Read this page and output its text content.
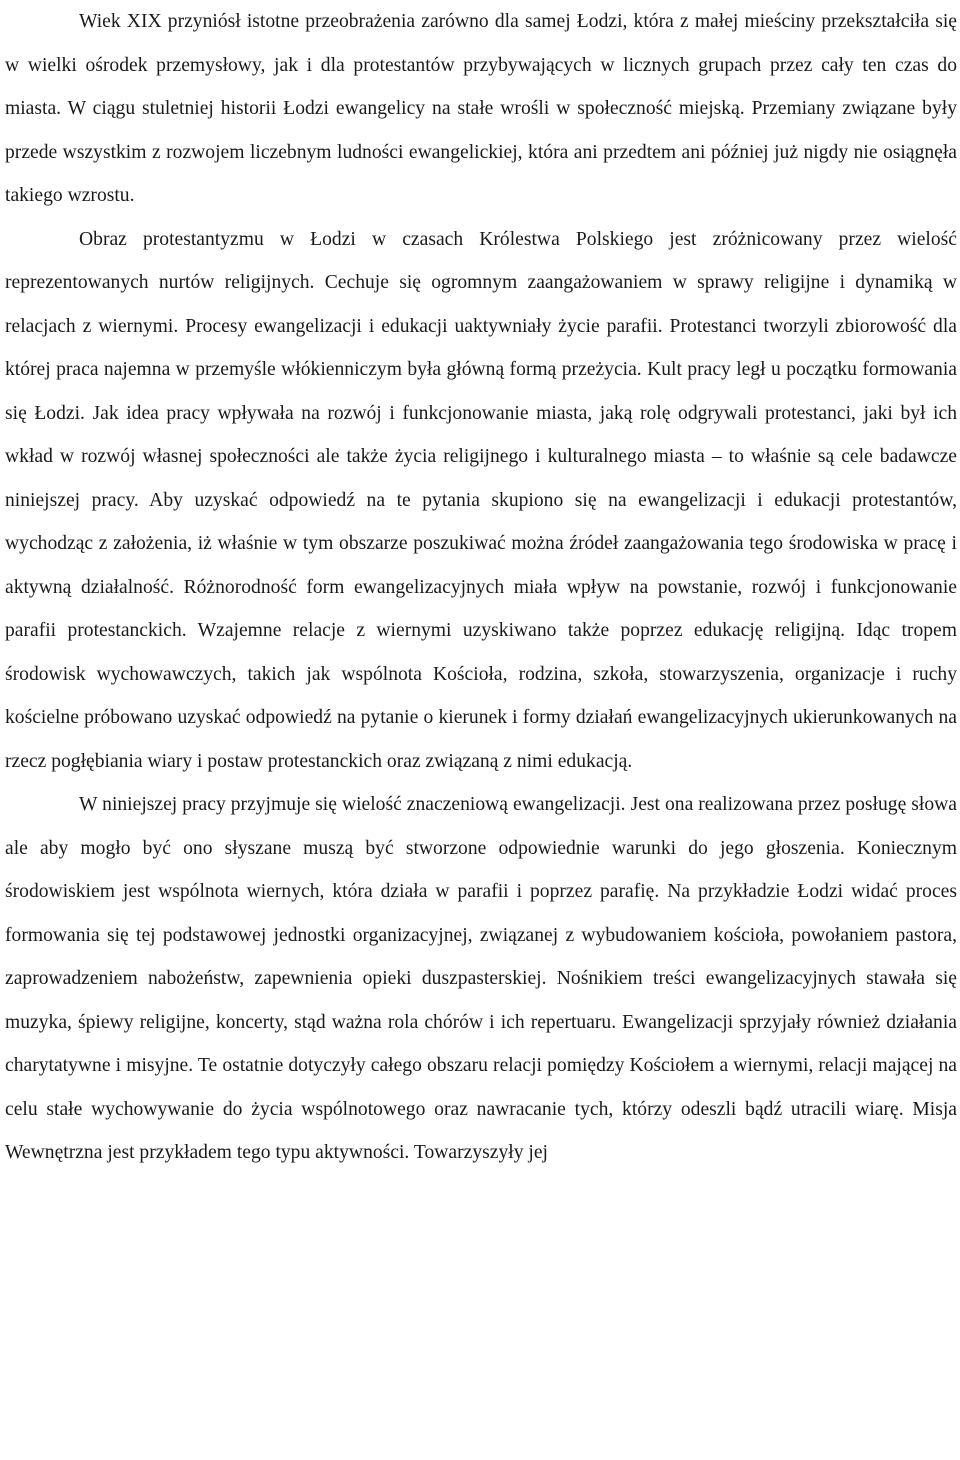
Wiek XIX przyniósł istotne przeobrażenia zarówno dla samej Łodzi, która z małej mieściny przekształciła się w wielki ośrodek przemysłowy, jak i dla protestantów przybywających w licznych grupach przez cały ten czas do miasta. W ciągu stuletniej historii Łodzi ewangelicy na stałe wrośli w społeczność miejską. Przemiany związane były przede wszystkim z rozwojem liczebnym ludności ewangelickiej, która ani przedtem ani później już nigdy nie osiągnęła takiego wzrostu.

Obraz protestantyzmu w Łodzi w czasach Królestwa Polskiego jest zróżnicowany przez wielość reprezentowanych nurtów religijnych. Cechuje się ogromnym zaangażowaniem w sprawy religijne i dynamiką w relacjach z wiernymi. Procesy ewangelizacji i edukacji uaktywniały życie parafii. Protestanci tworzyli zbiorowość dla której praca najemna w przemyśle włókienniczym była główną formą przeżycia. Kult pracy legł u początku formowania się Łodzi. Jak idea pracy wpływała na rozwój i funkcjonowanie miasta, jaką rolę odgrywali protestanci, jaki był ich wkład w rozwój własnej społeczności ale także życia religijnego i kulturalnego miasta – to właśnie są cele badawcze niniejszej pracy. Aby uzyskać odpowiedź na te pytania skupiono się na ewangelizacji i edukacji protestantów, wychodząc z założenia, iż właśnie w tym obszarze poszukiwać można źródeł zaangażowania tego środowiska w pracę i aktywną działalność. Różnorodność form ewangelizacyjnych miała wpływ na powstanie, rozwój i funkcjonowanie parafii protestanckich. Wzajemne relacje z wiernymi uzyskiwano także poprzez edukację religijną. Idąc tropem środowisk wychowawczych, takich jak wspólnota Kościoła, rodzina, szkoła, stowarzyszenia, organizacje i ruchy kościelne próbowano uzyskać odpowiedź na pytanie o kierunek i formy działań ewangelizacyjnych ukierunkowanych na rzecz pogłębiania wiary i postaw protestanckich oraz związaną z nimi edukacją.

W niniejszej pracy przyjmuje się wielość znaczeniową ewangelizacji. Jest ona realizowana przez posługę słowa ale aby mogło być ono słyszane muszą być stworzone odpowiednie warunki do jego głoszenia. Koniecznym środowiskiem jest wspólnota wiernych, która działa w parafii i poprzez parafię. Na przykładzie Łodzi widać proces formowania się tej podstawowej jednostki organizacyjnej, związanej z wybudowaniem kościoła, powołaniem pastora, zaprowadzeniem nabożeństw, zapewnienia opieki duszpasterskiej. Nośnikiem treści ewangelizacyjnych stawała się muzyka, śpiewy religijne, koncerty, stąd ważna rola chórów i ich repertuaru. Ewangelizacji sprzyjały również działania charytatywne i misyjne. Te ostatnie dotyczyły całego obszaru relacji pomiędzy Kościołem a wiernymi, relacji mającej na celu stałe wychowywanie do życia wspólnotowego oraz nawracanie tych, którzy odeszli bądź utracili wiarę. Misja Wewnętrzna jest przykładem tego typu aktywności. Towarzyszyły jej
